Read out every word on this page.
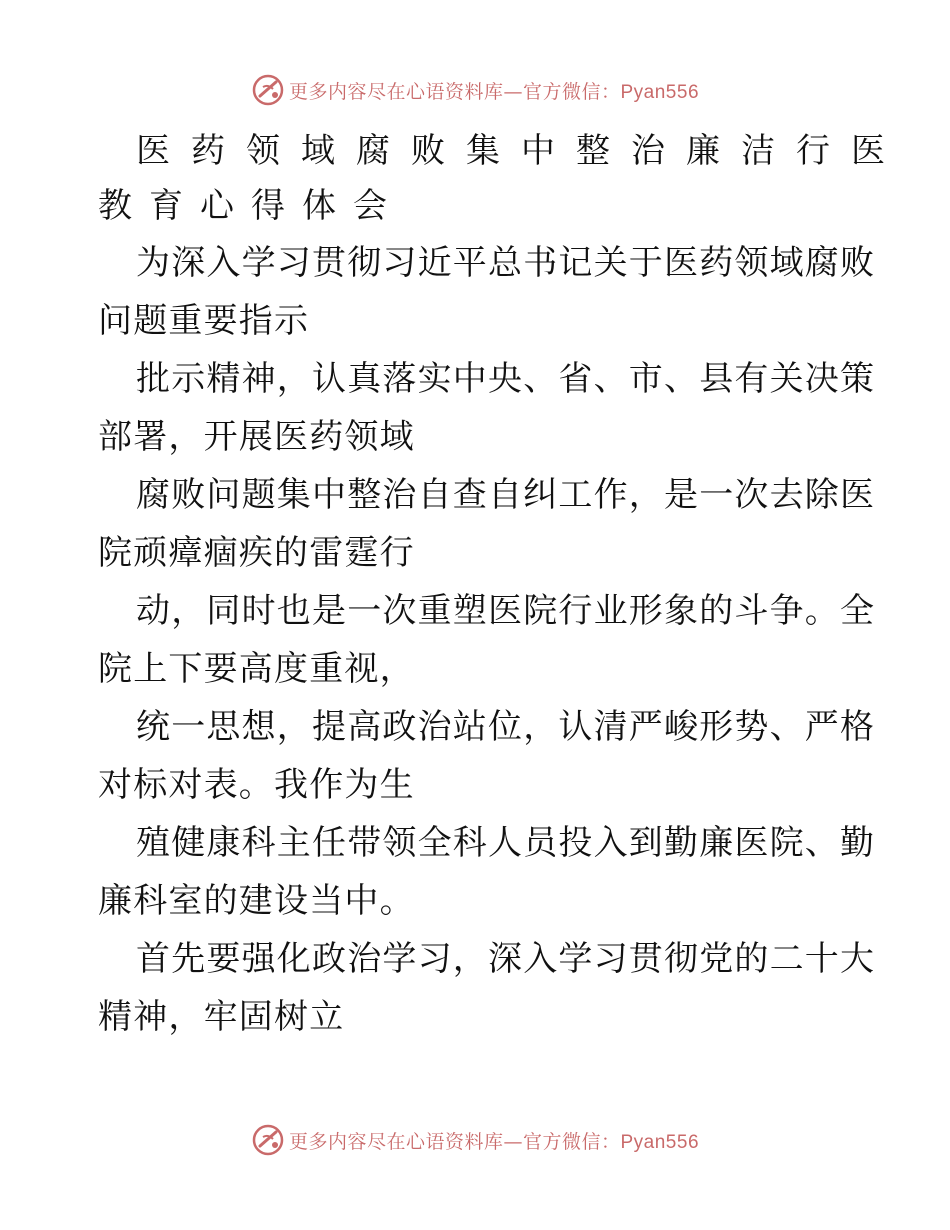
更多内容尽在心语资料库—官方微信：Pyan556
医药领域腐败集中整治廉洁行医
教育心得体会

为深入学习贯彻习近平总书记关于医药领域腐败
问题重要指示

批示精神，认真落实中央、省、市、县有关决策
部署，开展医药领域

腐败问题集中整治自查自纠工作，是一次去除医
院顽瘴痼疾的雷霆行

动，同时也是一次重塑医院行业形象的斗争。全
院上下要高度重视，

统一思想，提高政治站位，认清严峻形势、严格
对标对表。我作为生

殖健康科主任带领全科人员投入到勤廉医院、勤
廉科室的建设当中。

首先要强化政治学习，深入学习贯彻党的二十大
精神，牢固树立

更多内容尽在心语资料库—官方微信：Pyan556
